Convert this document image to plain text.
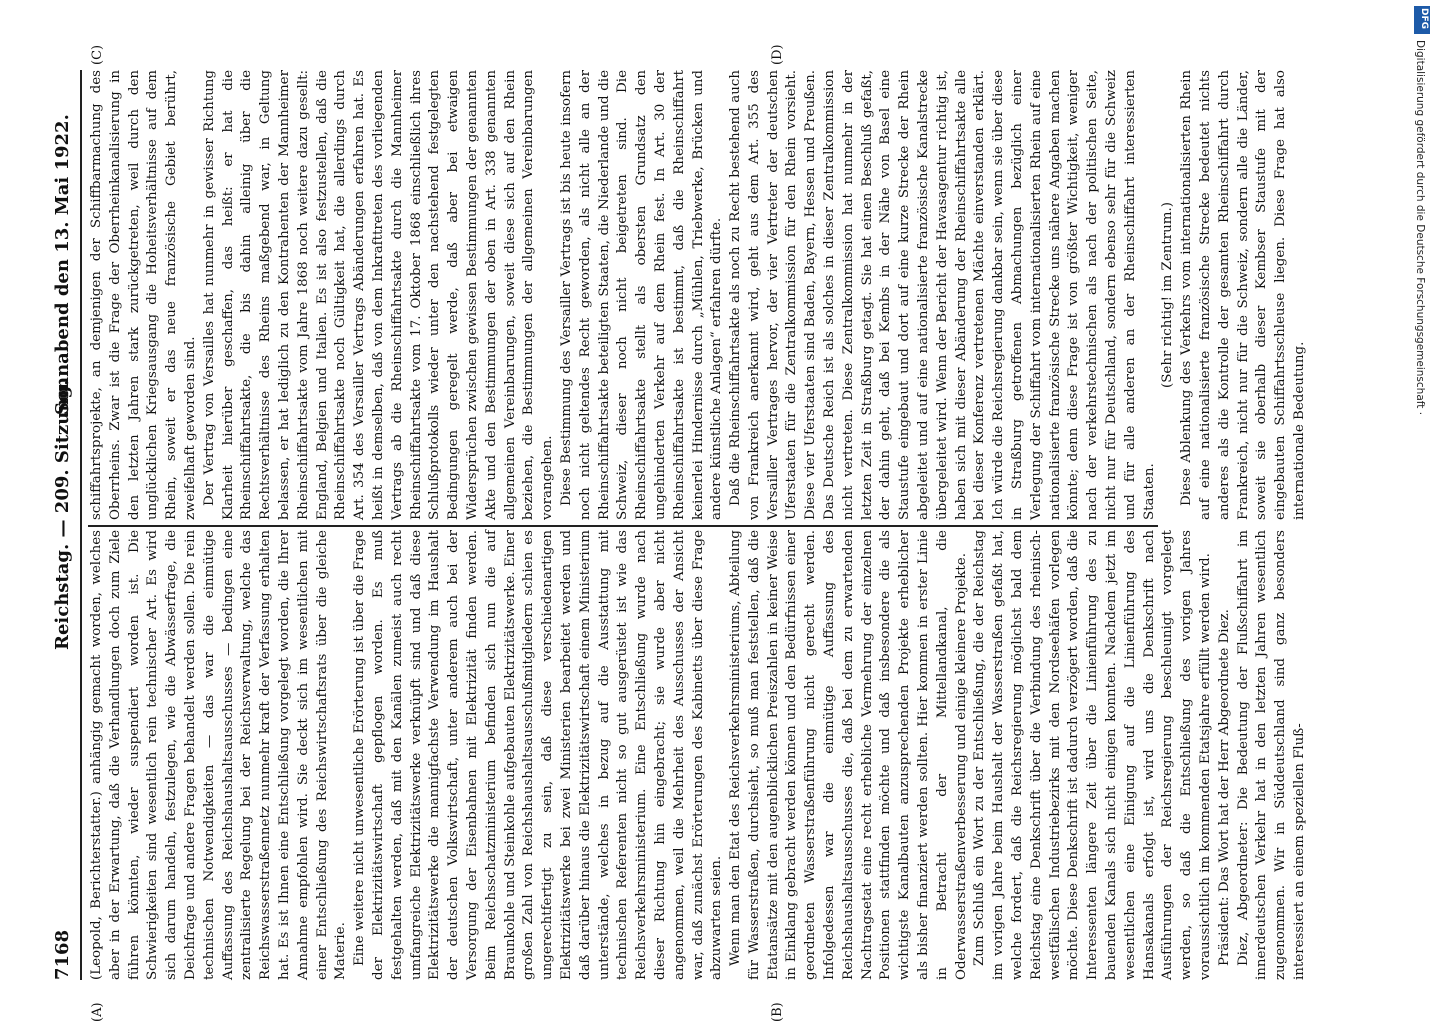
7168
Reichstag. — 209. Sitzung.
Sonnabend den 13. Mai 1922.

(Leopold, Berichterstatter.) anhängig gemacht worden, welches aber in der Erwartung, daß die Verhandlungen doch zum Ziele führen könnten, wieder suspendiert worden ist. Die Schwierigkeiten sind wesentlich rein technischer Art. Es wird sich darum handeln, festzulegen, wie die Abwässerfrage, die Deichfrage und andere Fragen behandelt werden sollen. Die rein technischen Notwendigkeiten — das war die einmütige Auffassung des Reichshaushaltsausschusses — bedingen eine zentralisierte Regelung bei der Reichsverwaltung, welche das Reichswasserstraßennetz nunmehr kraft der Verfassung erhalten hat. Es ist Ihnen eine Entschließung vorgelegt worden, die Ihrer Annahme empfohlen wird. Sie deckt sich im wesentlichen mit einer Entschließung des Reichswirtschaftsrats über die gleiche Materie. Eine weitere nicht unwesentliche Erörterung ist über die Frage der Elektrizitätswirtschaft gepflogen worden. Es muß festgehalten werden, daß mit den Kanälen zumeist auch recht umfangreiche Elektrizitätswerke verknüpft sind und daß diese Elektrizitätswerke die mannigfachste Verwendung im Haushalt der deutschen Volkswirtschaft, unter anderem auch bei der Versorgung der Eisenbahnen mit Elektrizität finden werden. Beim Reichsschatzministerium befinden sich nun die auf Braunkohle und Steinkohle aufgebauten Elektrizitätswerke. Einer großen Zahl von Reichshaushaltsausschußmitgliedern schien es ungerechtfertigt zu sein, daß diese verschiedenartigen Elektrizitätswerke bei zwei Ministerien bearbeitet werden und daß darüber hinaus die Elektrizitätswirtschaft einem Ministerium unterstände, welches in bezug auf die Ausstattung mit technischen Referenten nicht so gut ausgerüstet ist wie das Reichsverkehrsministerium. Eine Entschließung wurde nach dieser Richtung hin eingebracht; sie wurde aber nicht angenommen, weil die Mehrheit des Ausschusses der Ansicht war, daß zunächst Erörterungen des Kabinetts über diese Frage abzuwarten seien. Wenn man den Etat des Reichsverkehrsministeriums, Abteilung für Wasserstraßen, durchsieht, so muß man feststellen, daß die Etatansätze mit den augenblicklichen Preiszahlen in keiner Weise in Einklang gebracht werden können und den Bedürfnissen einer geordneten Wasserstraßenführung nicht gerecht werden. Infolgedessen war die einmütige Auffassung des Reichshaushaltsausschusses die, daß bei dem zu erwartenden Nachtragsetat eine recht erhebliche Vermehrung der einzelnen Positionen stattfinden möchte und daß insbesondere die als wichtigste Kanalbauten anzusprechenden Projekte erheblicher als bisher finanziert werden sollten. Hier kommen in erster Linie in Betracht der Mittellandkanal, die Oderwasserstraßenverbesserung und einige kleinere Projekte. Zum Schluß ein Wort zu der Entschließung, die der Reichstag im vorigen Jahre beim Haushalt der Wasserstraßen gefaßt hat, welche fordert, daß die Reichsregierung möglichst bald dem Reichstag eine Denkschrift über die Verbindung des rheinisch-westfälischen Industriebezirks mit den Nordseehäfen vorlegen möchte. Diese Denkschrift ist dadurch verzögert worden, daß die Interessenten längere Zeit über die Linienführung des zu bauenden Kanals sich nicht einigen konnten. Nachdem jetzt im wesentlichen eine Einigung auf die Linienführung des Hansakanals erfolgt ist, wird uns die Denkschrift nach Ausführungen der Reichsregierung beschleunigt vorgelegt werden, so daß die Entschließung des vorigen Jahres voraussichtlich im kommenden Etatsjahre erfüllt werden wird. Präsident: Das Wort hat der Herr Abgeordnete Diez. Diez, Abgeordneter: Die Bedeutung der Flußschiffahrt im innerdeutschen Verkehr hat in den letzten Jahren wesentlich zugenommen. Wir in Süddeutschland sind ganz besonders interessiert an einem speziellen Fluß-

schiffahrtsprojekte, an demjenigen der Schiffbarmachung des Oberrheins. Zwar ist die Frage der Oberrheinkanalisierung in den letzten Jahren stark zurückgetreten, weil durch den unglücklichen Kriegsausgang die Hoheitsverhältnisse auf dem Rhein, soweit er das neue französische Gebiet berührt, zweifelhaft geworden sind. Der Vertrag von Versailles hat nunmehr in gewisser Richtung Klarheit hierüber geschaffen, das heißt: er hat die Rheinschiffahrtsakte, die bis dahin alleinig über die Rechtsverhältnisse des Rheins maßgebend war, in Geltung belassen, er hat lediglich zu den Kontrahenten der Mannheimer Rheinschiffahrtsakte vom Jahre 1868 noch weitere dazu gesellt: England, Belgien und Italien. Es ist also festzustellen, daß die Rheinschiffahrtsakte noch Gültigkeit hat, die allerdings durch Art. 354 des Versailler Vertrags Abänderungen erfahren hat. Es heißt in demselben, daß von dem Inkrafttreten des vorliegenden Vertrags ab die Rheinschiffahrtsakte durch die Mannheimer Rheinschiffahrtsakte vom 17. Oktober 1868 einschließlich ihres Schlußprotokolls wieder unter den nachstehend festgelegten Bedingungen geregelt werde, daß aber bei etwaigen Widersprüchen zwischen gewissen Bestimmungen der genannten Akte und den Bestimmungen der oben in Art. 338 genannten allgemeinen Vereinbarungen, soweit diese sich auf den Rhein beziehen, die Bestimmungen der allgemeinen Vereinbarungen vorangehen. Diese Bestimmung des Versailler Vertrags ist bis heute insofern noch nicht geltendes Recht geworden, als nicht alle an der Rheinschiffahrtsakte beteiligten Staaten, die Niederlande und die Schweiz, dieser noch nicht beigetreten sind. Die Rheinschiffahrtsakte stellt als obersten Grundsatz den ungehinderten Verkehr auf dem Rhein fest. In Art. 30 der Rheinschiffahrtsakte ist bestimmt, daß die Rheinschiffahrt keinerlei Hindernisse durch „Mühlen, Triebwerke, Brücken und andere künstliche Anlagen“ erfahren dürfte. Daß die Rheinschiffahrtsakte als noch zu Recht bestehend auch von Frankreich anerkannt wird, geht aus dem Art. 355 des Versailler Vertrages hervor, der vier Vertreter der deutschen Uferstaaten für die Zentralkommission für den Rhein vorsieht. Diese vier Uferstaaten sind Baden, Bayern, Hessen und Preußen. Das Deutsche Reich ist als solches in dieser Zentralkommission nicht vertreten. Diese Zentralkommission hat nunmehr in der letzten Zeit in Straßburg getagt. Sie hat einen Beschluß gefaßt, der dahin geht, daß bei Kembs in der Nähe von Basel eine Staustufe eingebaut und dort auf eine kurze Strecke der Rhein abgeleitet und auf eine nationalisierte französische Kanalstrecke übergeleitet wird. Wenn der Bericht der Havasagentur richtig ist, haben sich mit dieser Abänderung der Rheinschiffahrtsakte alle bei dieser Konferenz vertretenen Mächte einverstanden erklärt. Ich würde die Reichsregierung dankbar sein, wenn sie über diese in Straßburg getroffenen Abmachungen bezüglich einer Verlegung der Schiffahrt vom internationalisierten Rhein auf eine nationalisierte französische Strecke uns nähere Angaben machen könnte; denn diese Frage ist von größter Wichtigkeit, weniger nach der verkehrstechnischen als nach der politischen Seite, nicht nur für Deutschland, sondern ebenso sehr für die Schweiz und für alle anderen an der Rheinschiffahrt interessierten Staaten.

(Sehr richtig! im Zentrum.) Diese Ablenkung des Verkehrs vom internationalisierten Rhein auf eine nationalisierte französische Strecke bedeutet nichts anderes als die Kontrolle der gesamten Rheinschiffahrt durch Frankreich, nicht nur für die Schweiz, sondern alle die Länder, soweit sie oberhalb dieser Kembser Staustufe mit der eingebauten Schiffahrtsschleuse liegen. Diese Frage hat also internationale Bedeutung.

(A)	(B)
(C)	(D)
DFG
Digitalisierung gefördert durch die Deutsche Forschungsgemeinschaft ·
